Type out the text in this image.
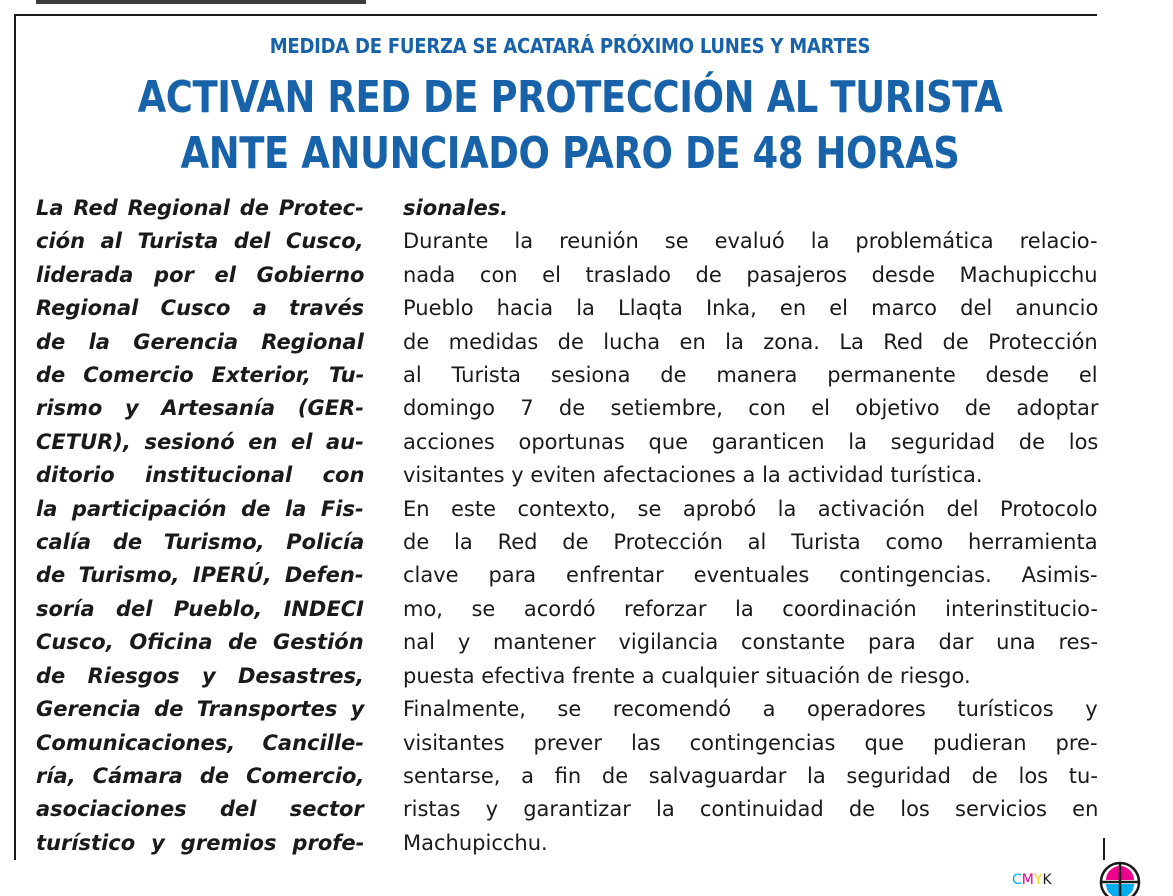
MEDIDA DE FUERZA SE ACATARÁ PRÓXIMO LUNES Y MARTES
ACTIVAN RED DE PROTECCIÓN AL TURISTA
ANTE ANUNCIADO PARO DE 48 HORAS

La Red Regional de Protec-
ción al Turista del Cusco,
liderada por el Gobierno
Regional Cusco a través
de la Gerencia Regional
de Comercio Exterior, Tu-
rismo y Artesanía (GER-
CETUR), sesionó en el au-
ditorio institucional con
la participación de la Fis-
calía de Turismo, Policía
de Turismo, IPERÚ, Defen-
soría del Pueblo, INDECI
Cusco, Oficina de Gestión
de Riesgos y Desastres,
Gerencia de Transportes y
Comunicaciones, Cancille-
ría, Cámara de Comercio,
asociaciones del sector
turístico y gremios profe-

sionales.
Durante la reunión se evaluó la problemática relacio-
nada con el traslado de pasajeros desde Machupicchu
Pueblo hacia la Llaqta Inka, en el marco del anuncio
de medidas de lucha en la zona. La Red de Protección
al Turista sesiona de manera permanente desde el
domingo 7 de setiembre, con el objetivo de adoptar
acciones oportunas que garanticen la seguridad de los
visitantes y eviten afectaciones a la actividad turística.
En este contexto, se aprobó la activación del Protocolo
de la Red de Protección al Turista como herramienta
clave para enfrentar eventuales contingencias. Asimis-
mo, se acordó reforzar la coordinación interinstitucio-
nal y mantener vigilancia constante para dar una res-
puesta efectiva frente a cualquier situación de riesgo.
Finalmente, se recomendó a operadores turísticos y
visitantes prever las contingencias que pudieran pre-
sentarse, a fin de salvaguardar la seguridad de los tu-
ristas y garantizar la continuidad de los servicios en
Machupicchu.

CMYK
